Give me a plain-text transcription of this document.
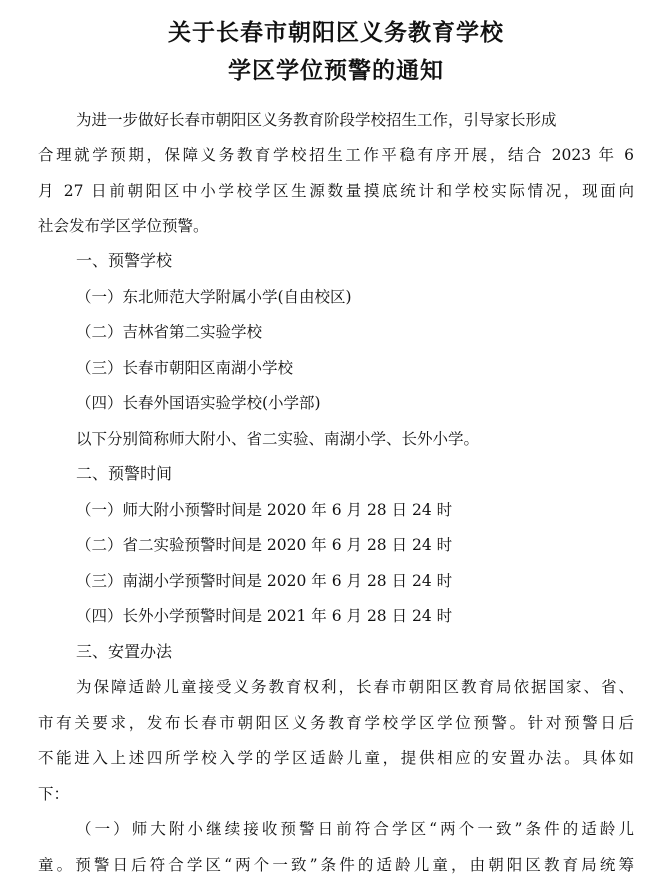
关于长春市朝阳区义务教育学校
学区学位预警的通知
为进一步做好长春市朝阳区义务教育阶段学校招生工作，引导家长形成
合理就学预期，保障义务教育学校招生工作平稳有序开展，结合 2023 年 6
月 27 日前朝阳区中小学校学区生源数量摸底统计和学校实际情况，现面向
社会发布学区学位预警。
一、预警学校
（一）东北师范大学附属小学(自由校区)
（二）吉林省第二实验学校
（三）长春市朝阳区南湖小学校
（四）长春外国语实验学校(小学部)
以下分别简称师大附小、省二实验、南湖小学、长外小学。
二、预警时间
（一）师大附小预警时间是 2020 年 6 月 28 日 24 时
（二）省二实验预警时间是 2020 年 6 月 28 日 24 时
（三）南湖小学预警时间是 2020 年 6 月 28 日 24 时
（四）长外小学预警时间是 2021 年 6 月 28 日 24 时
三、安置办法
为保障适龄儿童接受义务教育权利，长春市朝阳区教育局依据国家、省、
市有关要求，发布长春市朝阳区义务教育学校学区学位预警。针对预警日后
不能进入上述四所学校入学的学区适龄儿童，提供相应的安置办法。具体如
下：
（一）师大附小继续接收预警日前符合学区“两个一致”条件的适龄儿
童。预警日后符合学区“两个一致”条件的适龄儿童，由朝阳区教育局统筹
